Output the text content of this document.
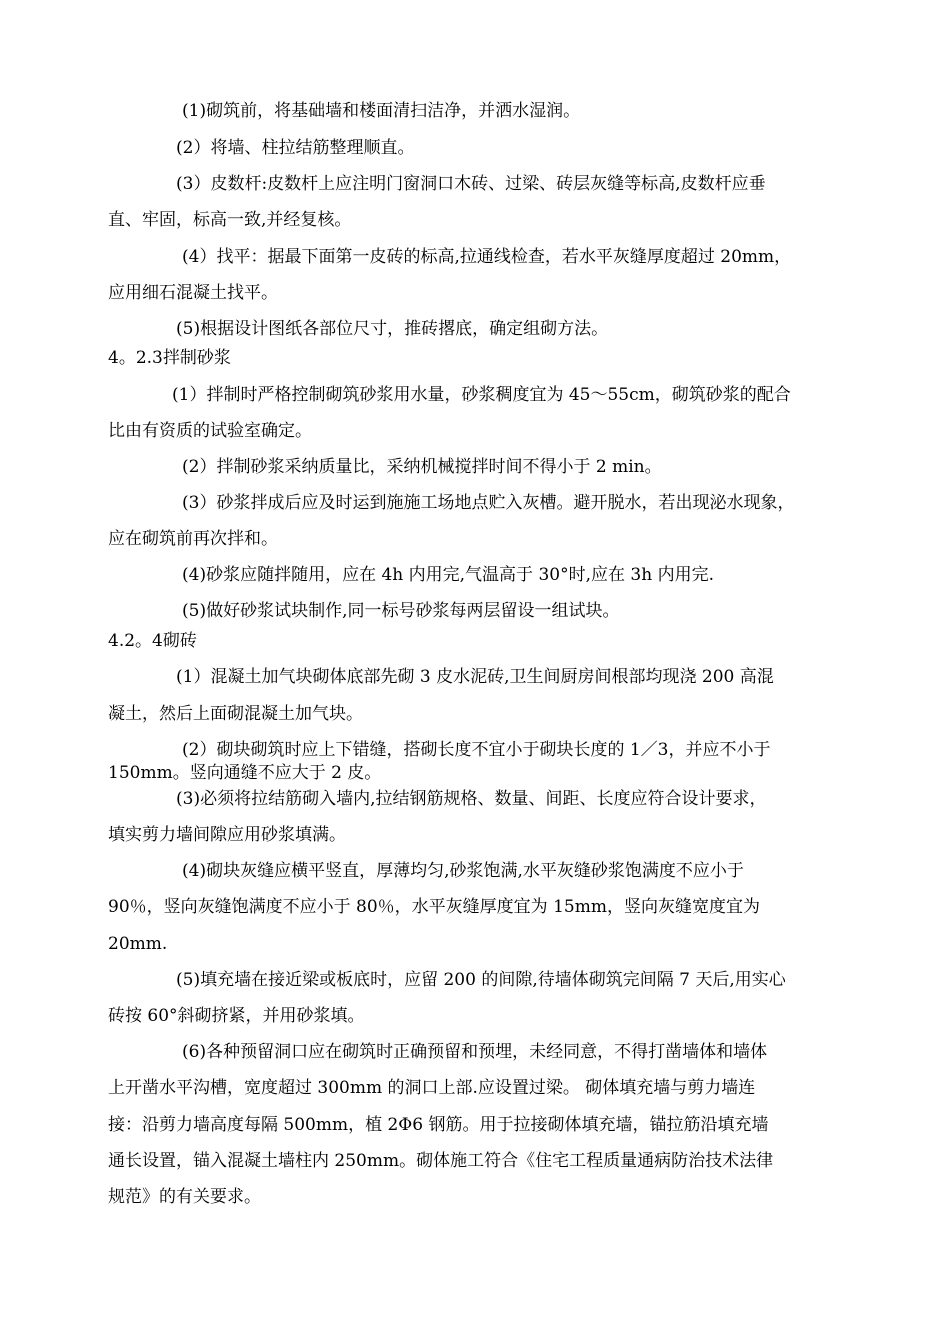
(1)砌筑前，将基础墙和楼面清扫洁净，并洒水湿润。
(2）将墙、柱拉结筋整理顺直。
(3）皮数杆:皮数杆上应注明门窗洞口木砖、过梁、砖层灰缝等标高,皮数杆应垂
直、牢固，标高一致,并经复核。
(4）找平：据最下面第一皮砖的标高,拉通线检查，若水平灰缝厚度超过 20mm，
应用细石混凝土找平。
(5)根据设计图纸各部位尺寸，推砖撂底，确定组砌方法。
4。2.3拌制砂浆
(1）拌制时严格控制砌筑砂浆用水量，砂浆稠度宜为 45～55cm，砌筑砂浆的配合
比由有资质的试验室确定。
(2）拌制砂浆采纳质量比，采纳机械搅拌时间不得小于 2 min。
(3）砂浆拌成后应及时运到施施工场地点贮入灰槽。避开脱水，若出现泌水现象，
应在砌筑前再次拌和。
(4)砂浆应随拌随用，应在 4h 内用完,气温高于 30°时,应在 3h 内用完.
(5)做好砂浆试块制作,同一标号砂浆每两层留设一组试块。
4.2。4砌砖
(1）混凝土加气块砌体底部先砌 3 皮水泥砖,卫生间厨房间根部均现浇 200 高混
凝土，然后上面砌混凝土加气块。
(2）砌块砌筑时应上下错缝，搭砌长度不宜小于砌块长度的 1／3，并应不小于
150mm。竖向通缝不应大于 2 皮。
(3)必须将拉结筋砌入墙内,拉结钢筋规格、数量、间距、长度应符合设计要求，
填实剪力墙间隙应用砂浆填满。
(4)砌块灰缝应横平竖直，厚薄均匀,砂浆饱满,水平灰缝砂浆饱满度不应小于
90％，竖向灰缝饱满度不应小于 80％，水平灰缝厚度宜为 15mm，竖向灰缝宽度宜为
20mm.
(5)填充墙在接近梁或板底时，应留 200 的间隙,待墙体砌筑完间隔 7 天后,用实心
砖按 60°斜砌挤紧，并用砂浆填。
(6)各种预留洞口应在砌筑时正确预留和预埋，未经同意，不得打凿墙体和墙体
上开凿水平沟槽，宽度超过 300mm 的洞口上部.应设置过梁。 砌体填充墙与剪力墙连
接：沿剪力墙高度每隔 500mm，植 2Φ6 钢筋。用于拉接砌体填充墙，锚拉筋沿填充墙
通长设置，锚入混凝土墙柱内 250mm。砌体施工符合《住宅工程质量通病防治技术法律
规范》的有关要求。
